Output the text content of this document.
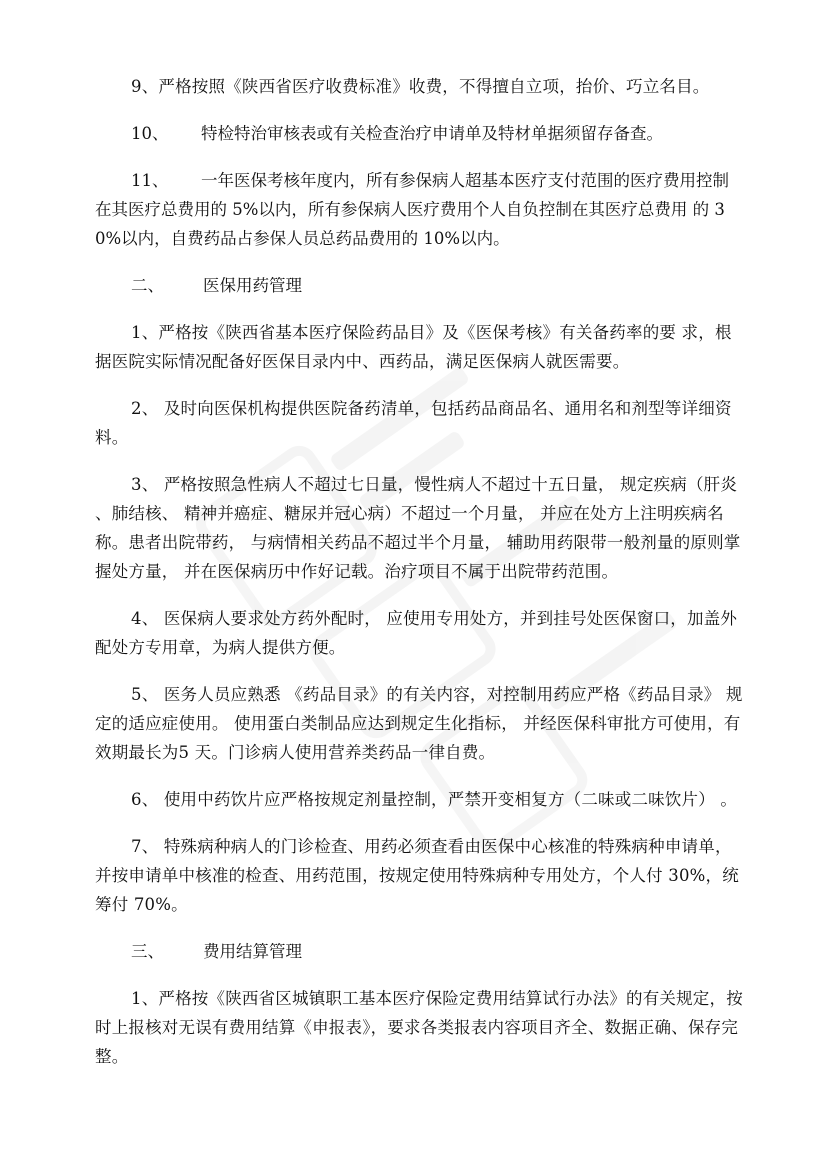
9、严格按照《陕西省医疗收费标准》收费，不得擅自立项，抬价、巧立名目。

10、 特检特治审核表或有关检查治疗申请单及特材单据须留存备查。

11、 一年医保考核年度内，所有参保病人超基本医疗支付范围的医疗费用控制 在其医疗总费用的 5%以内，所有参保病人医疗费用个人自负控制在其医疗总费用 的 30%以内，自费药品占参保人员总药品费用的 10%以内。

二、 医保用药管理

1、严格按《陕西省基本医疗保险药品目》及《医保考核》有关备药率的要 求，根据医院实际情况配备好医保目录内中、西药品，满足医保病人就医需要。

2、 及时向医保机构提供医院备药清单，包括药品商品名、通用名和剂型等详细资料。

3、 严格按照急性病人不超过七日量，慢性病人不超过十五日量， 规定疾病（肝炎 、肺结核、 精神并癌症、糖尿并冠心病）不超过一个月量， 并应在处方上注明疾病名称。患者出院带药， 与病情相关药品不超过半个月量， 辅助用药限带一般剂量的原则掌握处方量， 并在医保病历中作好记载。治疗项目不属于出院带药范围。

4、 医保病人要求处方药外配时， 应使用专用处方，并到挂号处医保窗口，加盖外配处方专用章，为病人提供方便。

5、 医务人员应熟悉 《药品目录》的有关内容，对控制用药应严格《药品目录》 规定的适应症使用。 使用蛋白类制品应达到规定生化指标， 并经医保科审批方可使用，有效期最长为5 天。门诊病人使用营养类药品一律自费。

6、 使用中药饮片应严格按规定剂量控制，严禁开变相复方（二味或二味饮片） 。

7、 特殊病种病人的门诊检查、用药必须查看由医保中心核准的特殊病种申请单， 并按申请单中核准的检查、用药范围，按规定使用特殊病种专用处方，个人付 30%，统筹付 70%。

三、 费用结算管理

1、严格按《陕西省区城镇职工基本医疗保险定费用结算试行办法》的有关规定，按时上报核对无误有费用结算《申报表》，要求各类报表内容项目齐全、数据正确、保存完整。
